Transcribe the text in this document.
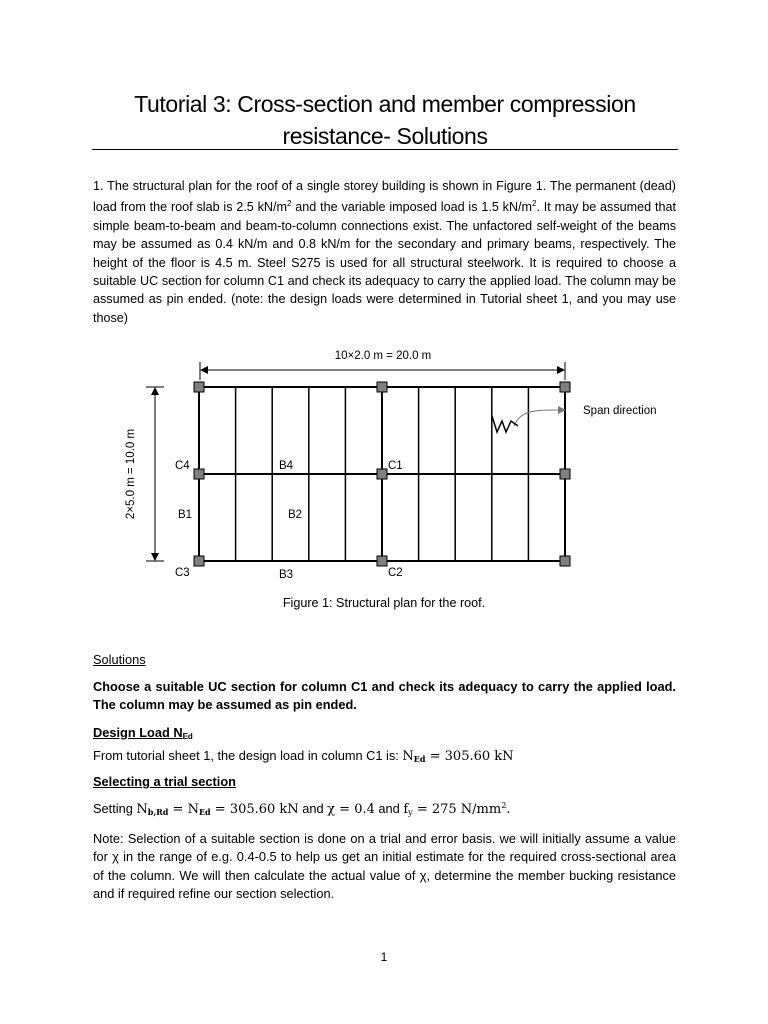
Tutorial 3: Cross-section and member compression
resistance- Solutions
1. The structural plan for the roof of a single storey building is shown in Figure 1. The permanent (dead) load from the roof slab is 2.5 $kN/m^2$ and the variable imposed load is 1.5 $kN/m^2$. It may be assumed that simple beam-to-beam and beam-to-column connections exist. The unfactored self-weight of the beams may be assumed as 0.4 kN/m and 0.8 kN/m for the secondary and primary beams, respectively. The height of the floor is 4.5 m. Steel S275 is used for all structural steelwork. It is required to choose a suitable UC section for column C1 and check its adequacy to carry the applied load. The column may be assumed as pin ended. (note: the design loads were determined in Tutorial sheet 1, and you may use those)
10×2.0 m = 20.0 m
2×5.0 m = 10.0 m
Span direction
C4	B4	C1
B1	B2
C3	B3	C2
Figure 1: Structural plan for the roof.
Solutions
Choose a suitable UC section for column C1 and check its adequacy to carry the applied load. The column may be assumed as pin ended.
Design Load $N_{Ed}$
From tutorial sheet 1, the design load in column C1 is: $N_{Ed} = 305.60$ kN
Selecting a trial section
Setting $N_{b,Rd} = N_{Ed} = 305.60$ kN and χ = 0.4 and $f_y = 275$ $N/mm^2$.
Note: Selection of a suitable section is done on a trial and error basis. we will initially assume a value for χ in the range of e.g. 0.4-0.5 to help us get an initial estimate for the required cross-sectional area of the column. We will then calculate the actual value of χ, determine the member bucking resistance and if required refine our section selection.
1
